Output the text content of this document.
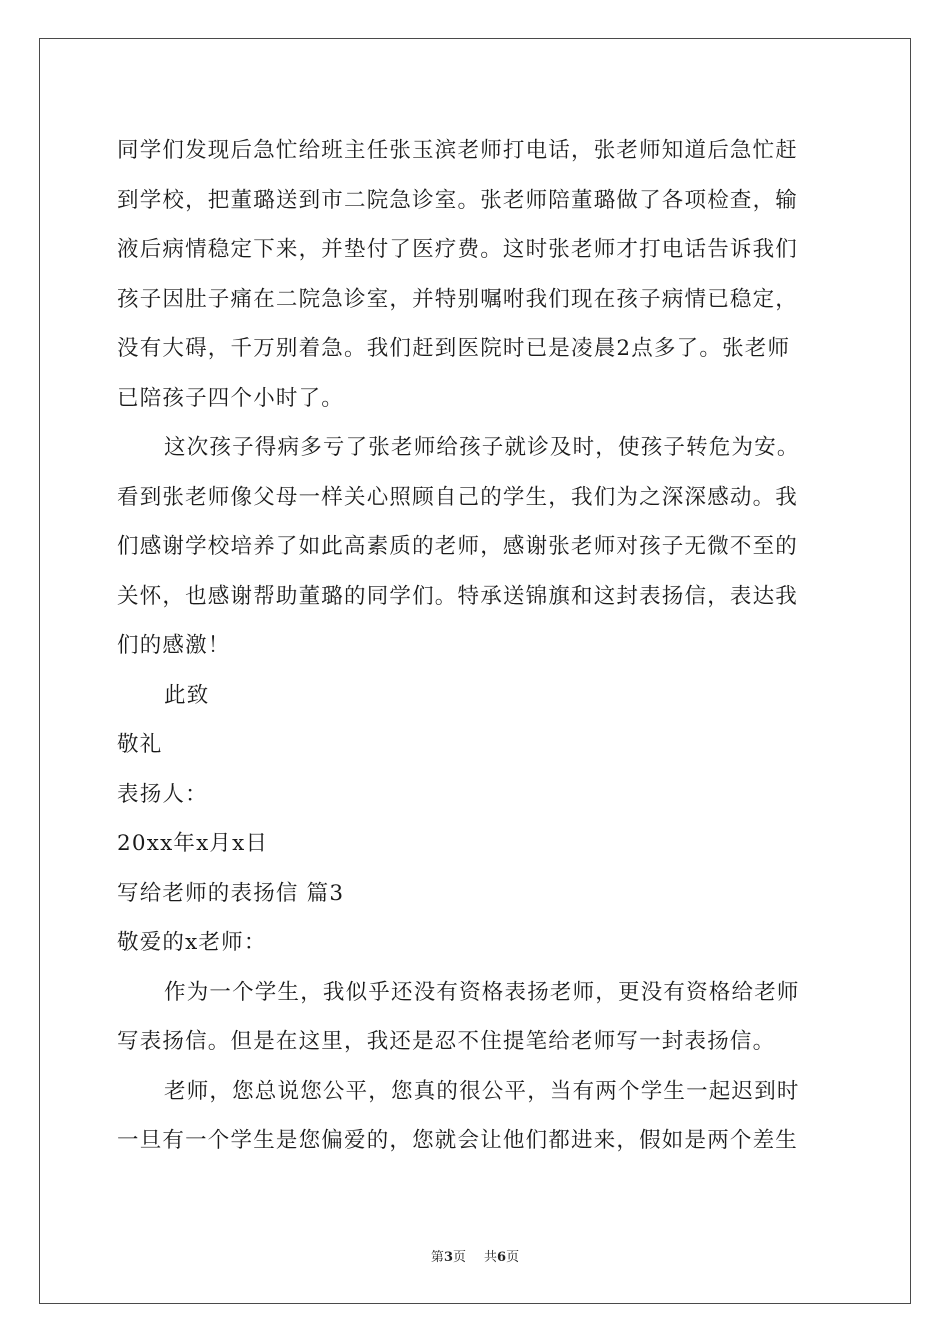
同学们发现后急忙给班主任张玉滨老师打电话，张老师知道后急忙赶
到学校，把董璐送到市二院急诊室。张老师陪董璐做了各项检查，输
液后病情稳定下来，并垫付了医疗费。这时张老师才打电话告诉我们
孩子因肚子痛在二院急诊室，并特别嘱咐我们现在孩子病情已稳定，
没有大碍，千万别着急。我们赶到医院时已是凌晨2点多了。张老师
已陪孩子四个小时了。
这次孩子得病多亏了张老师给孩子就诊及时，使孩子转危为安。
看到张老师像父母一样关心照顾自己的学生，我们为之深深感动。我
们感谢学校培养了如此高素质的老师，感谢张老师对孩子无微不至的
关怀，也感谢帮助董璐的同学们。特承送锦旗和这封表扬信，表达我
们的感激！
此致
敬礼
表扬人：
20xx年x月x日
写给老师的表扬信 篇3
敬爱的x老师：
作为一个学生，我似乎还没有资格表扬老师，更没有资格给老师
写表扬信。但是在这里，我还是忍不住提笔给老师写一封表扬信。
老师，您总说您公平，您真的很公平，当有两个学生一起迟到时
一旦有一个学生是您偏爱的，您就会让他们都进来，假如是两个差生
第3页 共6页
